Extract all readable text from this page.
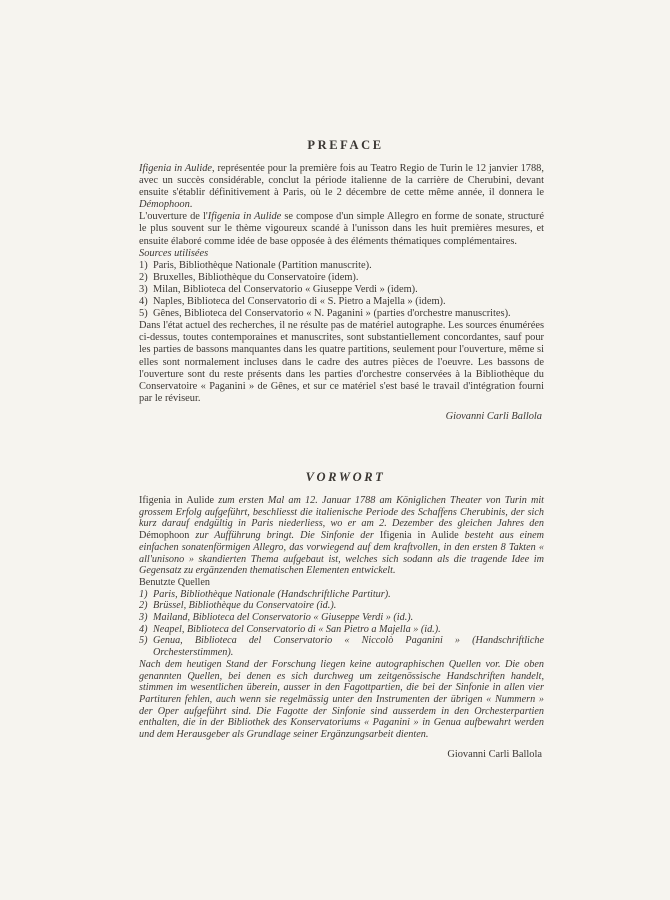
PREFACE

Ifigenia in Aulide, représentée pour la première fois au Teatro Regio de Turin le 12 janvier 1788, avec un succès considérable, conclut la période italienne de la carrière de Cherubini, devant ensuite s'établir définitivement à Paris, où le 2 décembre de cette même année, il donnera le Démophoon.

L'ouverture de l'Ifigenia in Aulide se compose d'un simple Allegro en forme de sonate, structuré le plus souvent sur le thème vigoureux scandé à l'unisson dans les huit premières mesures, et ensuite élaboré comme idée de base opposée à des éléments thématiques complémentaires.

Sources utilisées

1) Paris, Bibliothèque Nationale (Partition manuscrite).
2) Bruxelles, Bibliothèque du Conservatoire (idem).
3) Milan, Biblioteca del Conservatorio « Giuseppe Verdi » (idem).
4) Naples, Biblioteca del Conservatorio di « S. Pietro a Majella » (idem).
5) Gênes, Biblioteca del Conservatorio « N. Paganini » (parties d'orchestre manuscrites).

Dans l'état actuel des recherches, il ne résulte pas de matériel autographe. Les sources énumérées ci-dessus, toutes contemporaines et manuscrites, sont substantiellement concordantes, sauf pour les parties de bassons manquantes dans les quatre partitions, seulement pour l'ouverture, même si elles sont normalement incluses dans le cadre des autres pièces de l'oeuvre. Les bassons de l'ouverture sont du reste présents dans les parties d'orchestre conservées à la Bibliothèque du Conservatoire « Paganini » de Gênes, et sur ce matériel s'est basé le travail d'intégration fourni par le réviseur.

Giovanni Carli Ballola
VORWORT

Ifigenia in Aulide zum ersten Mal am 12. Januar 1788 am Königlichen Theater von Turin mit grossem Erfolg aufgeführt, beschliesst die italienische Periode des Schaffens Cherubinis, der sich kurz darauf endgültig in Paris niederliess, wo er am 2. Dezember des gleichen Jahres den Démophoon zur Aufführung bringt. Die Sinfonie der Ifigenia in Aulide besteht aus einem einfachen sonatenförmigen Allegro, das vorwiegend auf dem kraftvollen, in den ersten 8 Takten « all'unisono » skandierten Thema aufgebaut ist, welches sich sodann als die tragende Idee im Gegensatz zu ergänzenden thematischen Elementen entwickelt.

Benutzte Quellen

1) Paris, Bibliothèque Nationale (Handschriftliche Partitur).
2) Brüssel, Bibliothèque du Conservatoire (id.).
3) Mailand, Biblioteca del Conservatorio « Giuseppe Verdi » (id.).
4) Neapel, Biblioteca del Conservatorio di « San Pietro a Majella » (id.).
5) Genua, Biblioteca del Conservatorio « Niccolò Paganini » (Handschriftliche Orchesterstimmen).

Nach dem heutigen Stand der Forschung liegen keine autographischen Quellen vor. Die oben genannten Quellen, bei denen es sich durchweg um zeitgenössische Handschriften handelt, stimmen im wesentlichen überein, ausser in den Fagottpartien, die bei der Sinfonie in allen vier Partituren fehlen, auch wenn sie regelmässig unter den Instrumenten der übrigen « Nummern » der Oper aufgeführt sind. Die Fagotte der Sinfonie sind ausserdem in den Orchesterpartien enthalten, die in der Bibliothek des Konservatoriums « Paganini » in Genua aufbewahrt werden und dem Herausgeber als Grundlage seiner Ergänzungsarbeit dienten.

Giovanni Carli Ballola
